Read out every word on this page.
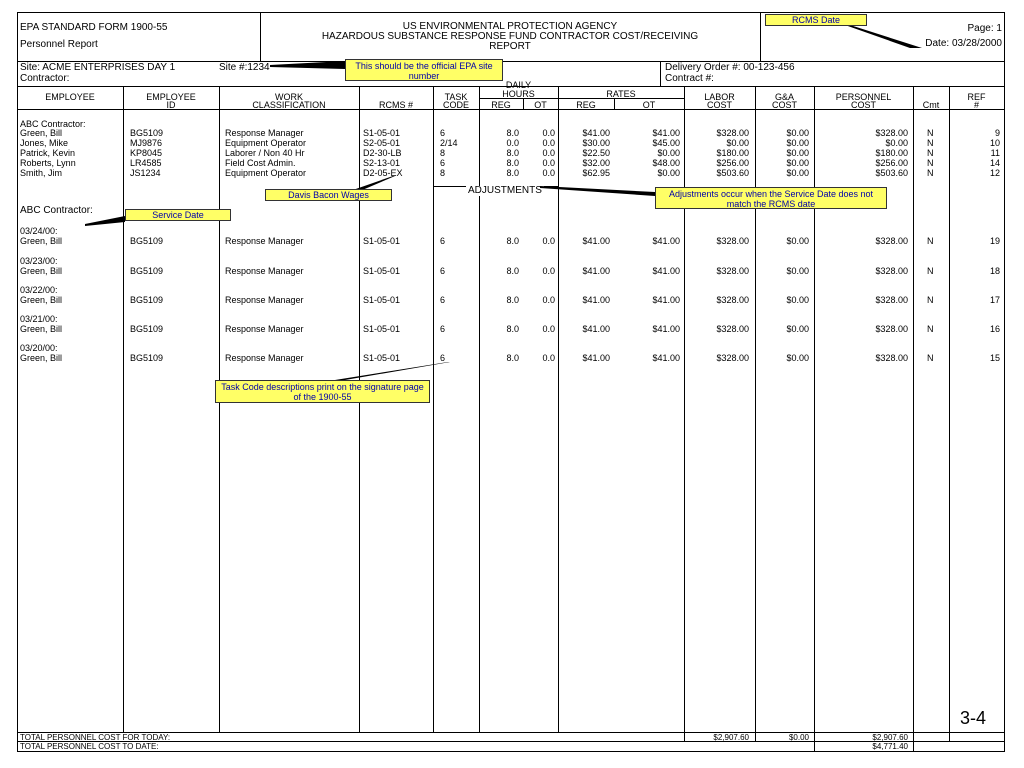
EPA STANDARD FORM 1900-55
Personnel Report
US ENVIRONMENTAL PROTECTION AGENCY
HAZARDOUS SUBSTANCE RESPONSE FUND CONTRACTOR COST/RECEIVING
REPORT
Page: 1
Date: 03/28/2000
Site: ACME ENTERPRISES DAY 1	Site #:1234
Contractor:
Delivery Order #: 00-123-456
Contract #:
EMPLOYEE	EMPLOYEE
ID
WORK
CLASSIFICATION	RCMS #
TASK
CODE
DAILY
HOURS
REG	OT
RATES
REG	OT
LABOR
COST
G&A
COST
PERSONNEL
COST	Cmt
REF
#
ABC Contractor:
Green, Bill	BG5109	Response Manager	S1-05-01	6	8.0	0.0	$41.00	$41.00	$328.00	$0.00	$328.00 N	9
Jones, Mike	MJ9876	Equipment Operator	S2-05-01	2/14	0.0	0.0	$30.00	$45.00	$0.00	$0.00	$0.00 N	10
Patrick, Kevin	KP8045	Laborer / Non 40 Hr	D2-30-LB	8	8.0	0.0	$22.50	$0.00	$180.00	$0.00	$180.00 N	11
Roberts, Lynn	LR4585	Field Cost Admin.	S2-13-01	6	8.0	0.0	$32.00	$48.00	$256.00	$0.00	$256.00 N	14
Smith, Jim	JS1234	Equipment Operator	D2-05-EX	8	8.0	0.0	$62.95	$0.00	$503.60	$0.00	$503.60 N	12
ADJUSTMENTS
ABC Contractor:
03/24/00:
Green, Bill	BG5109	Response Manager	S1-05-01	6	8.0	0.0	$41.00	$41.00	$328.00	$0.00	$328.00 N	19
03/23/00:
Green, Bill	BG5109	Response Manager	S1-05-01	6	8.0	0.0	$41.00	$41.00	$328.00	$0.00	$328.00 N	18
03/22/00:
Green, Bill	BG5109	Response Manager	S1-05-01	6	8.0	0.0	$41.00	$41.00	$328.00	$0.00	$328.00 N	17
03/21/00:
Green, Bill	BG5109	Response Manager	S1-05-01	6	8.0	0.0	$41.00	$41.00	$328.00	$0.00	$328.00 N	16
03/20/00:
Green, Bill	BG5109	Response Manager	S1-05-01	6	8.0	0.0	$41.00	$41.00	$328.00	$0.00	$328.00 N	15
TOTAL PERSONNEL COST FOR TODAY:	$2,907.60	$0.00	$2,907.60
TOTAL PERSONNEL COST TO DATE:	$4,771.40
3-4
RCMS Date
This should be the official EPA site number
Davis Bacon Wages	Adjustments occur when the Service Date does not match the RCMS date
Service Date
Task Code descriptions print on the signature page of the 1900-55
